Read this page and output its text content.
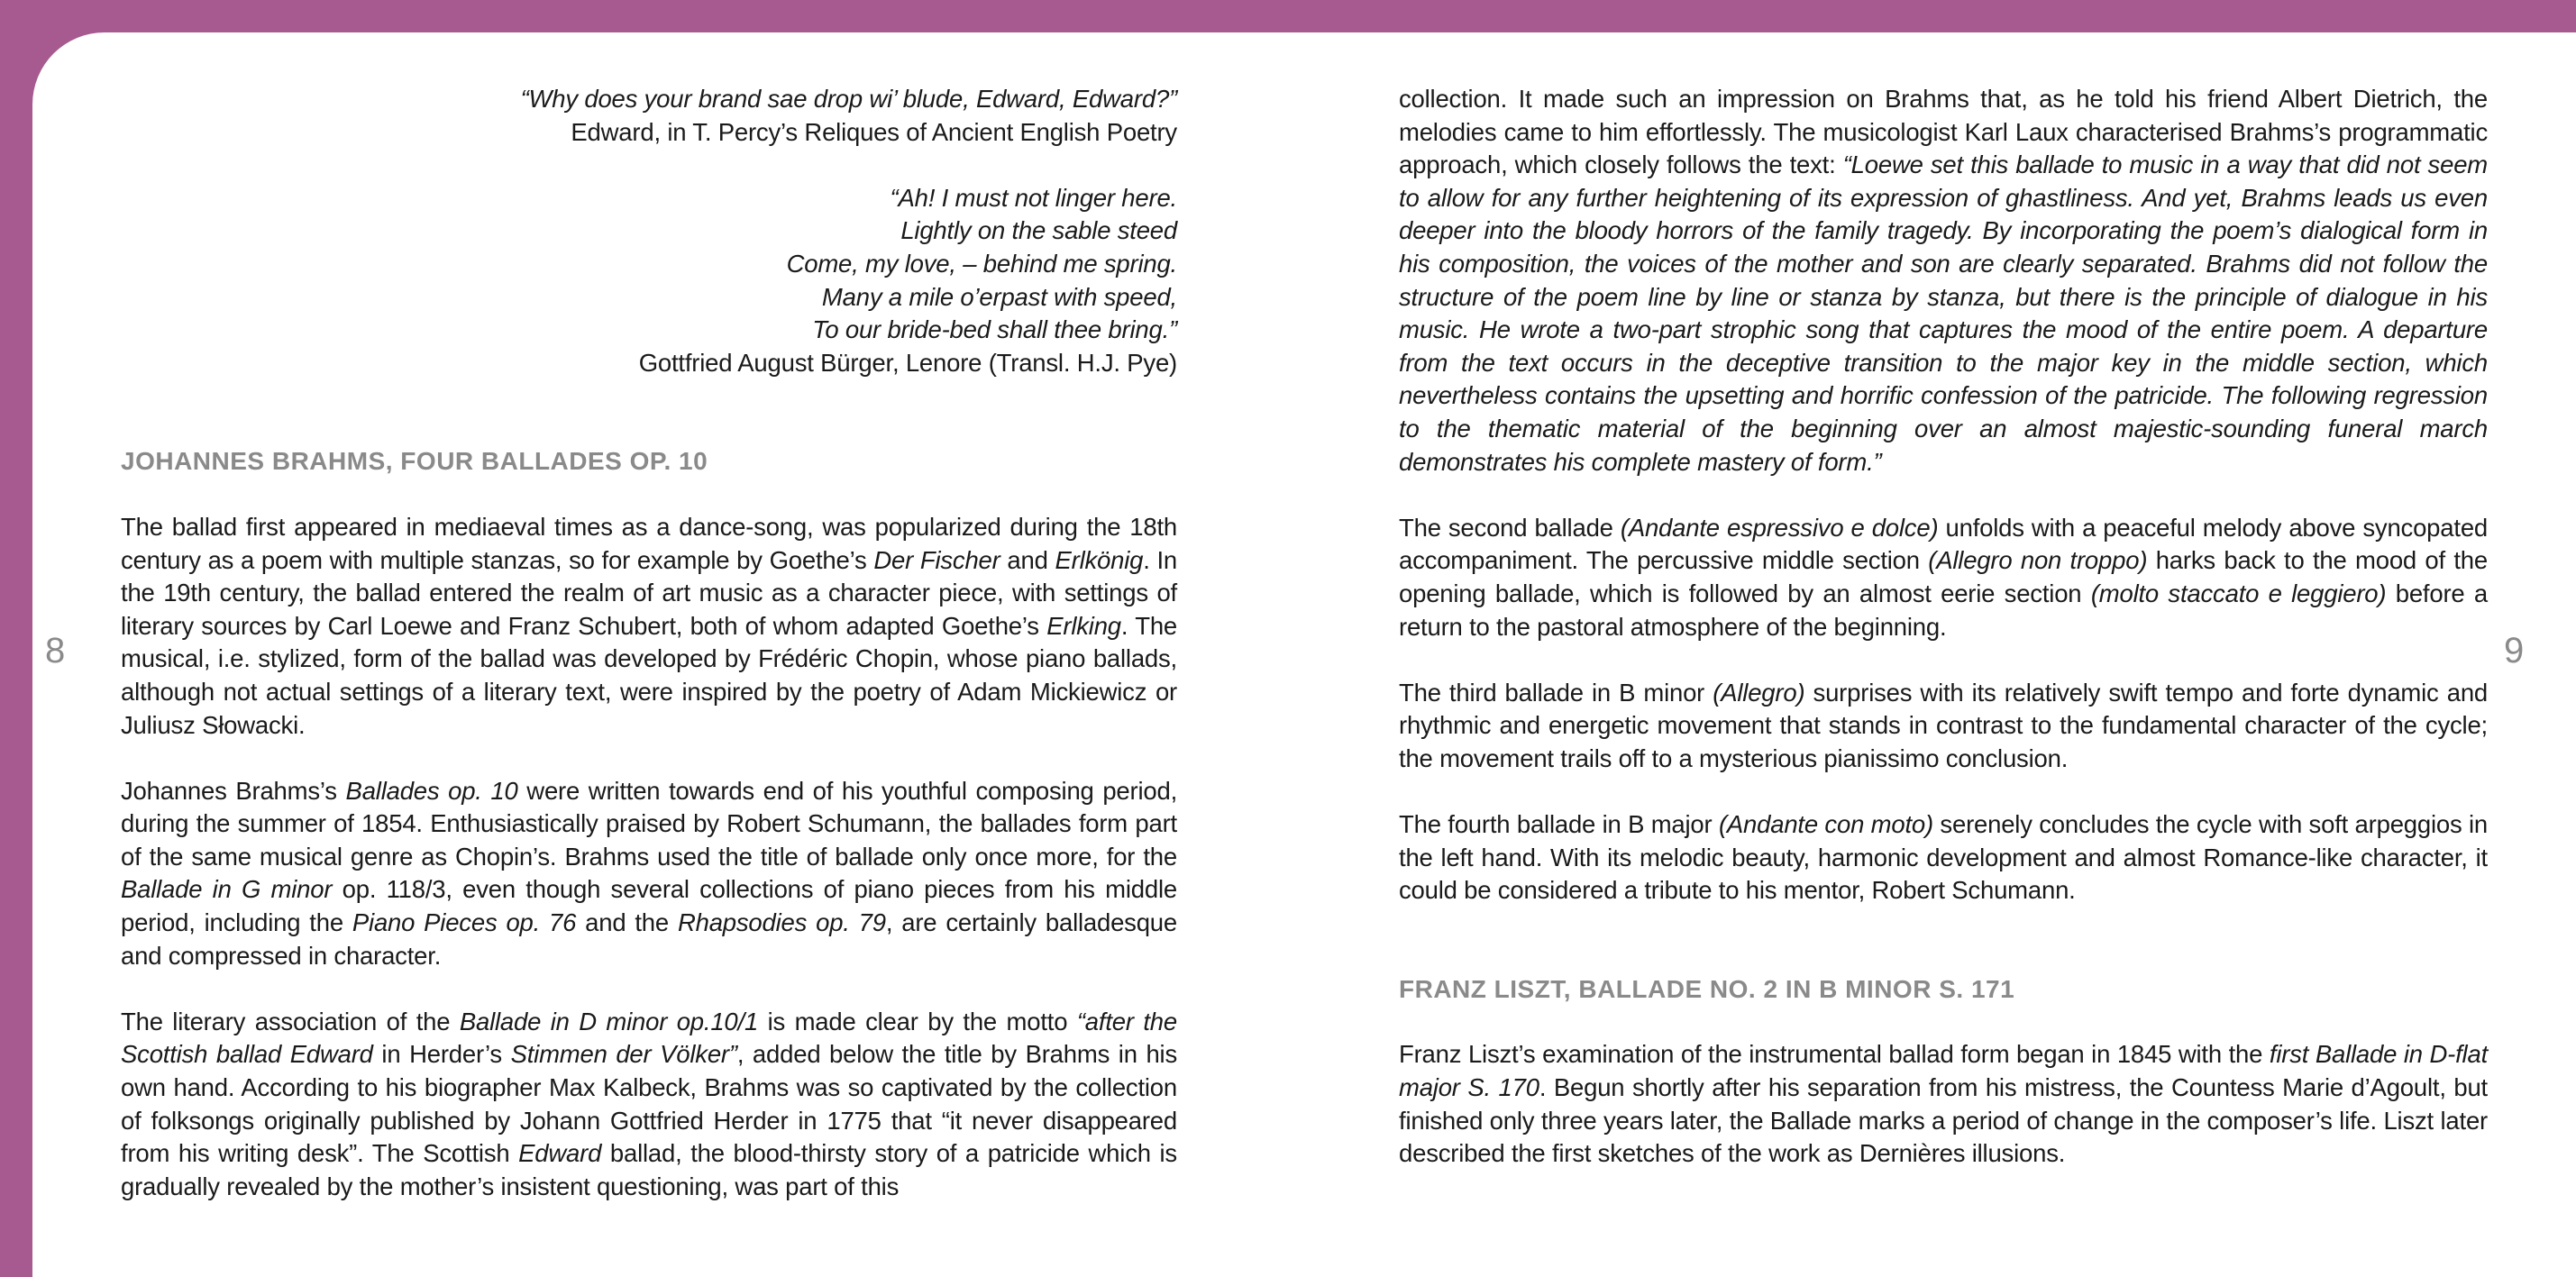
“Why does your brand sae drop wi’ blude, Edward, Edward?”
Edward, in T. Percy’s Reliques of Ancient English Poetry
“Ah! I must not linger here.
Lightly on the sable steed
Come, my love, – behind me spring.
Many a mile o’erpast with speed,
To our bride-bed shall thee bring.”
Gottfried August Bürger, Lenore (Transl. H.J. Pye)
JOHANNES BRAHMS, FOUR BALLADES OP. 10

The ballad first appeared in mediaeval times as a dance-song, was popularized during the 18th century as a poem with multiple stanzas, so for example by Goethe’s Der Fischer and Erlkönig. In the 19th century, the ballad entered the realm of art music as a character piece, with settings of literary sources by Carl Loewe and Franz Schubert, both of whom adapted Goethe’s Erlking. The musical, i.e. stylized, form of the ballad was developed by Frédéric Chopin, whose piano ballads, although not actual settings of a literary text, were inspired by the poetry of Adam Mickiewicz or Juliusz Słowacki.

Johannes Brahms’s Ballades op. 10 were written towards end of his youthful composing period, during the summer of 1854. Enthusiastically praised by Robert Schumann, the ballades form part of the same musical genre as Chopin’s. Brahms used the title of ballade only once more, for the Ballade in G minor op. 118/3, even though several collections of piano pieces from his middle period, including the Piano Pieces op. 76 and the Rhapsodies op. 79, are certainly balladesque and compressed in character.

The literary association of the Ballade in D minor op.10/1 is made clear by the motto “after the Scottish ballad Edward in Herder’s Stimmen der Völker”, added below the title by Brahms in his own hand. According to his biographer Max Kalbeck, Brahms was so captivated by the collection of folksongs originally published by Johann Gottfried Herder in 1775 that “it never disappeared from his writing desk”. The Scottish Edward ballad, the blood-thirsty story of a patricide which is gradually revealed by the mother’s insistent questioning, was part of this

collection. It made such an impression on Brahms that, as he told his friend Albert Dietrich, the melodies came to him effortlessly. The musicologist Karl Laux characterised Brahms’s programmatic approach, which closely follows the text: “Loewe set this ballade to music in a way that did not seem to allow for any further heightening of its expression of ghastliness. And yet, Brahms leads us even deeper into the bloody horrors of the family tragedy. By incorporating the poem’s dialogical form in his composition, the voices of the mother and son are clearly separated. Brahms did not follow the structure of the poem line by line or stanza by stanza, but there is the principle of dialogue in his music. He wrote a two-part strophic song that captures the mood of the entire poem. A departure from the text occurs in the deceptive transition to the major key in the middle section, which nevertheless contains the upsetting and horrific confession of the patricide. The following regression to the thematic material of the beginning over an almost majestic-sounding funeral march demonstrates his complete mastery of form.”

The second ballade (Andante espressivo e dolce) unfolds with a peaceful melody above syncopated accompaniment. The percussive middle section (Allegro non troppo) harks back to the mood of the opening ballade, which is followed by an almost eerie section (molto staccato e leggiero) before a return to the pastoral atmosphere of the beginning.

The third ballade in B minor (Allegro) surprises with its relatively swift tempo and forte dynamic and rhythmic and energetic movement that stands in contrast to the fundamental character of the cycle; the movement trails off to a mysterious pianissimo conclusion.

The fourth ballade in B major (Andante con moto) serenely concludes the cycle with soft arpeggios in the left hand. With its melodic beauty, harmonic development and almost Romance-like character, it could be considered a tribute to his mentor, Robert Schumann.

FRANZ LISZT, BALLADE NO. 2 IN B MINOR S. 171

Franz Liszt’s examination of the instrumental ballad form began in 1845 with the first Ballade in D-flat major S. 170. Begun shortly after his separation from his mistress, the Countess Marie d’Agoult, but finished only three years later, the Ballade marks a period of change in the composer’s life. Liszt later described the first sketches of the work as Dernières illusions.

8	9
